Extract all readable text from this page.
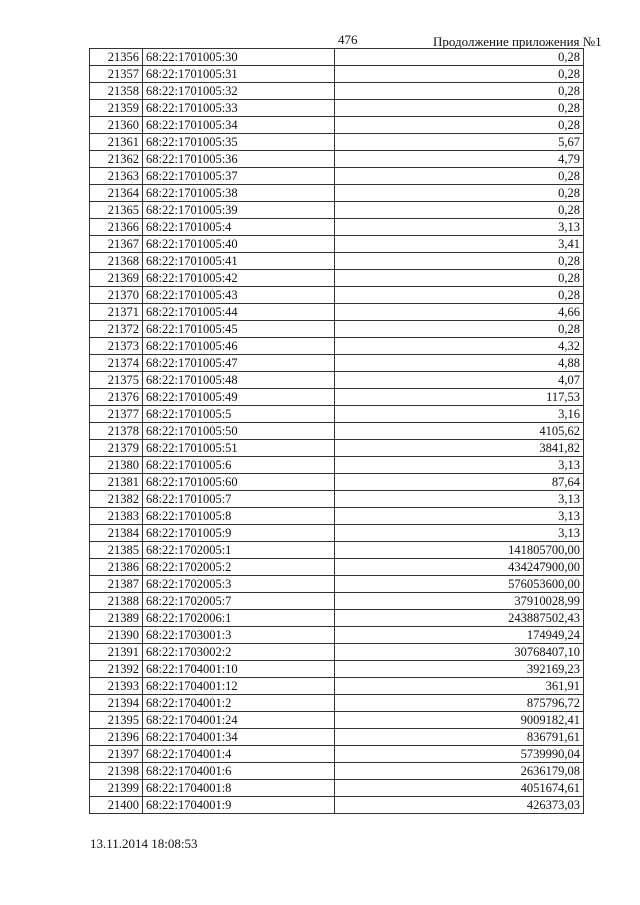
476	Продолжение приложения №1
21356	68:22:1701005:30	0,28
21357	68:22:1701005:31	0,28
21358	68:22:1701005:32	0,28
21359	68:22:1701005:33	0,28
21360	68:22:1701005:34	0,28
21361	68:22:1701005:35	5,67
21362	68:22:1701005:36	4,79
21363	68:22:1701005:37	0,28
21364	68:22:1701005:38	0,28
21365	68:22:1701005:39	0,28
21366	68:22:1701005:4	3,13
21367	68:22:1701005:40	3,41
21368	68:22:1701005:41	0,28
21369	68:22:1701005:42	0,28
21370	68:22:1701005:43	0,28
21371	68:22:1701005:44	4,66
21372	68:22:1701005:45	0,28
21373	68:22:1701005:46	4,32
21374	68:22:1701005:47	4,88
21375	68:22:1701005:48	4,07
21376	68:22:1701005:49	117,53
21377	68:22:1701005:5	3,16
21378	68:22:1701005:50	4105,62
21379	68:22:1701005:51	3841,82
21380	68:22:1701005:6	3,13
21381	68:22:1701005:60	87,64
21382	68:22:1701005:7	3,13
21383	68:22:1701005:8	3,13
21384	68:22:1701005:9	3,13
21385	68:22:1702005:1	141805700,00
21386	68:22:1702005:2	434247900,00
21387	68:22:1702005:3	576053600,00
21388	68:22:1702005:7	37910028,99
21389	68:22:1702006:1	243887502,43
21390	68:22:1703001:3	174949,24
21391	68:22:1703002:2	30768407,10
21392	68:22:1704001:10	392169,23
21393	68:22:1704001:12	361,91
21394	68:22:1704001:2	875796,72
21395	68:22:1704001:24	9009182,41
21396	68:22:1704001:34	836791,61
21397	68:22:1704001:4	5739990,04
21398	68:22:1704001:6	2636179,08
21399	68:22:1704001:8	4051674,61
21400	68:22:1704001:9	426373,03
13.11.2014 18:08:53
